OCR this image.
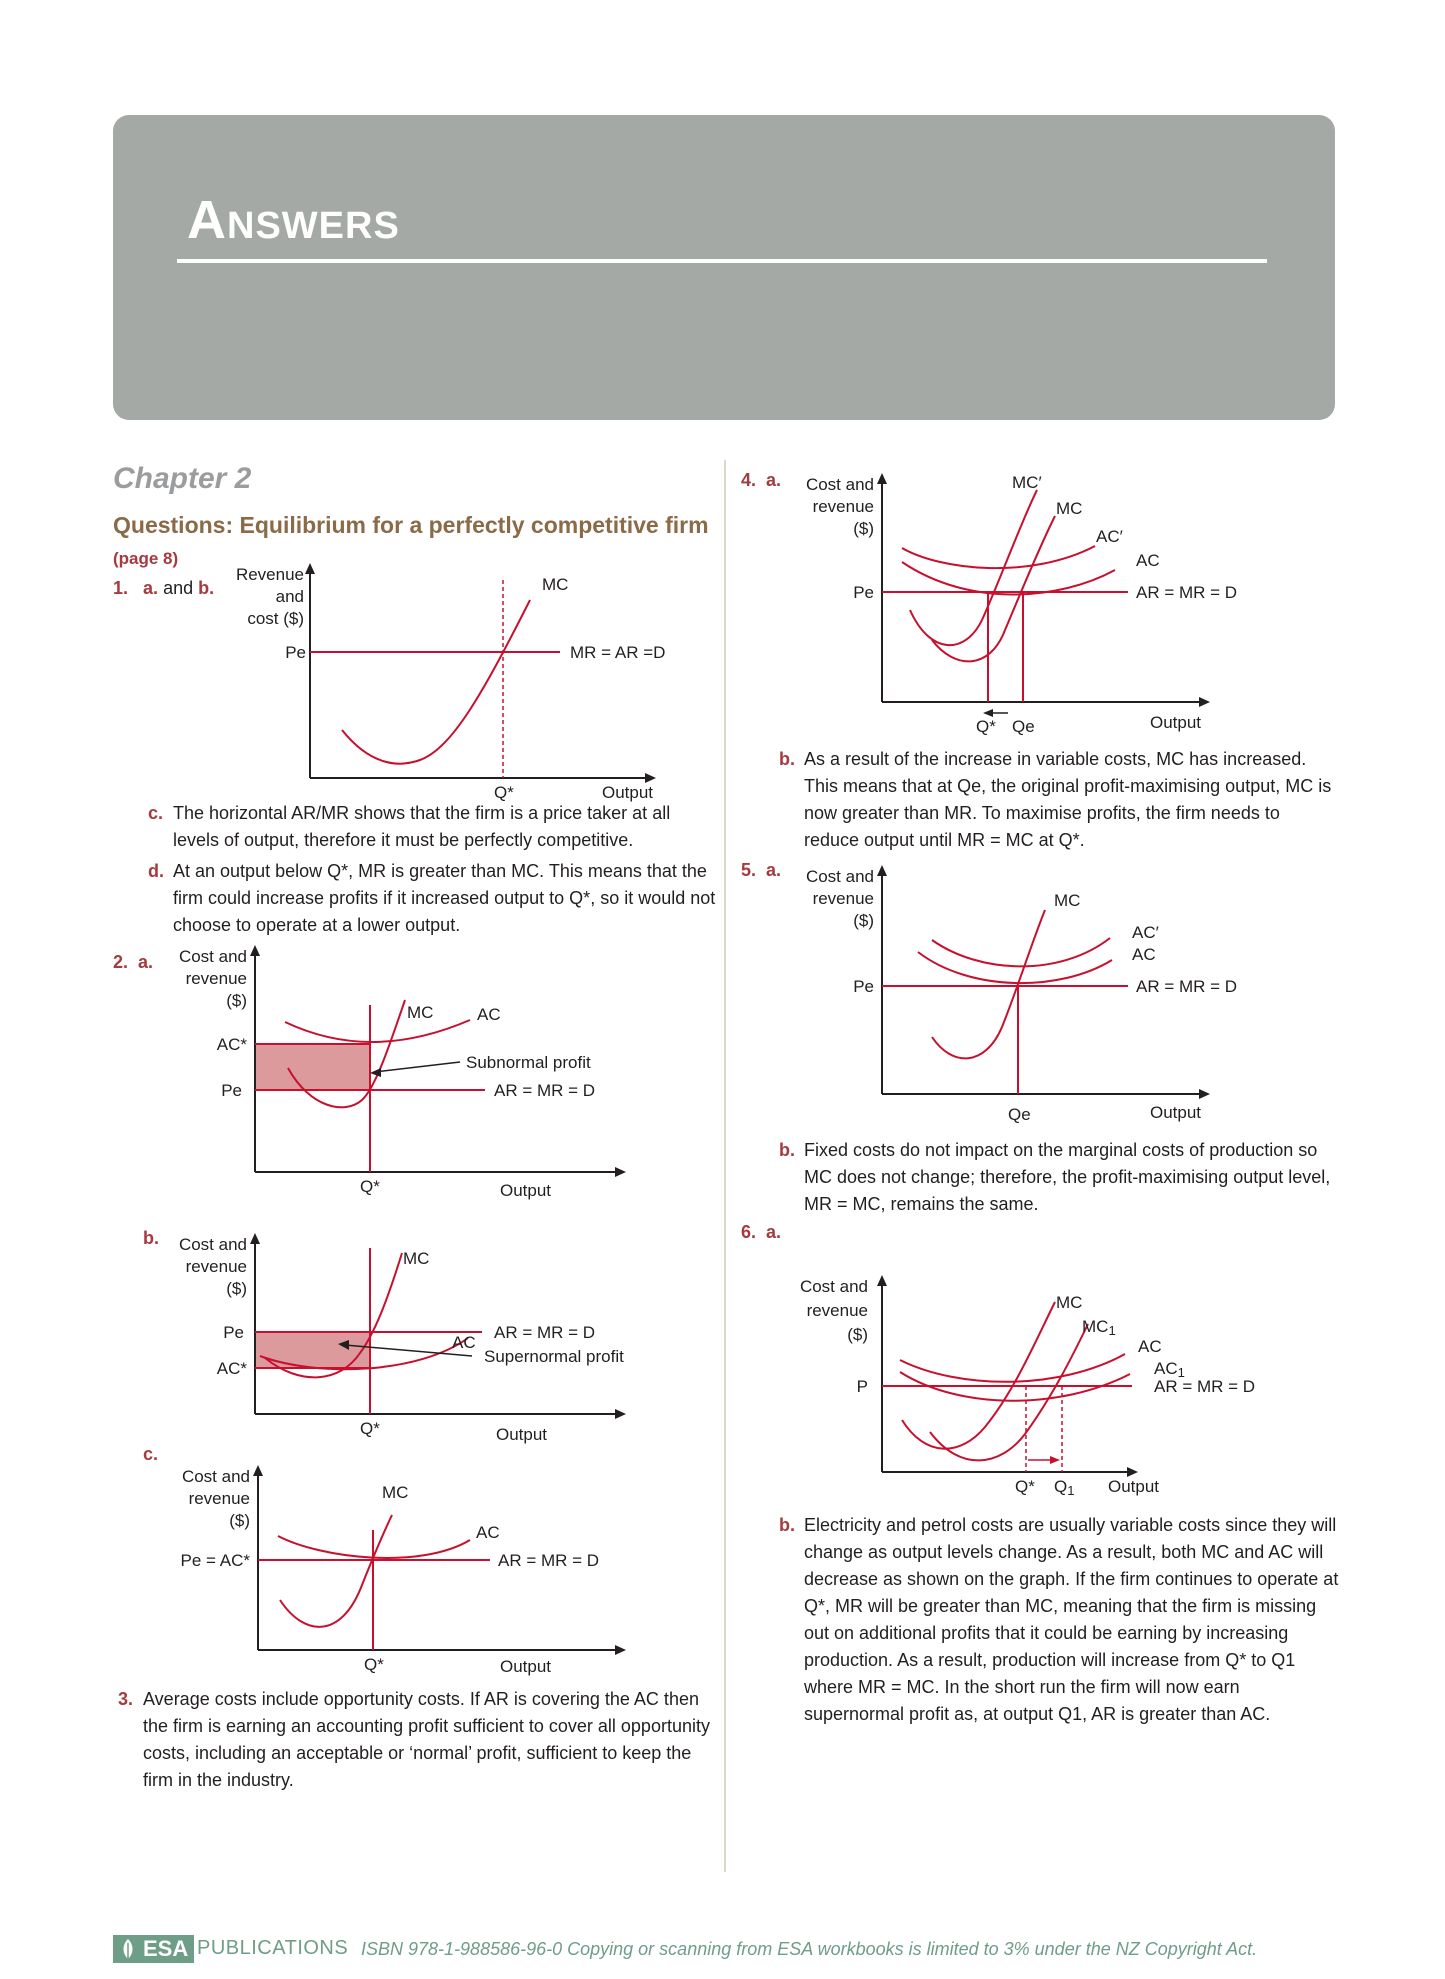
Answers
Chapter 2
Questions: Equilibrium for a perfectly competitive firm
(page 8)
1. a. and b.
Revenue
and
cost ($)
Pe
MC
MR = AR =D
Q*	Output
c. The horizontal AR/MR shows that the firm is a price taker at all levels of output, therefore it must be perfectly competitive.
d. At an output below Q*, MR is greater than MC. This means that the firm could increase profits if it increased output to Q*, so it would not choose to operate at a lower output.
2. a.
b.
c.
Cost and
revenue
($)
AC*
Pe
MC	AC
Subnormal profit
AR = MR = D
Q*	Output
Cost and
revenue
($)
Pe
AC*
MC
AC
AR = MR = D
Supernormal profit
Q*	Output
Cost and
revenue
($)
Pe = AC*
MC
AC
AR = MR = D
Q*	Output
3. Average costs include opportunity costs. If AR is covering the AC then the firm is earning an accounting profit sufficient to cover all opportunity costs, including an acceptable or ‘normal’ profit, sufficient to keep the firm in the industry.
4. a. Cost and
revenue
($)
Pe
MC′
MC
AC′
AC
AR = MR = D
Q* Qe	Output
b. As a result of the increase in variable costs, MC has increased. This means that at Qe, the original profit-maximising output, MC is now greater than MR. To maximise profits, the firm needs to reduce output until MR = MC at Q*.
5. a. Cost and
revenue
($)
Pe
MC
AC′
AC
AR = MR = D
Qe	Output
b. Fixed costs do not impact on the marginal costs of production so MC does not change; therefore, the profit-maximising output level, MR = MC, remains the same.
6. a.
Cost and
revenue
($)
P
MC
MC1
AC
AC1
AR = MR = D
Q* Q1 Output
b. Electricity and petrol costs are usually variable costs since they will change as output levels change. As a result, both MC and AC will decrease as shown on the graph. If the firm continues to operate at Q*, MR will be greater than MC, meaning that the firm is missing out on additional profits that it could be earning by increasing production. As a result, production will increase from Q* to Q1 where MR = MC. In the short run the firm will now earn supernormal profit as, at output Q1, AR is greater than AC.
ESA PUBLICATIONS ISBN 978-1-988586-96-0 Copying or scanning from ESA workbooks is limited to 3% under the NZ Copyright Act.
